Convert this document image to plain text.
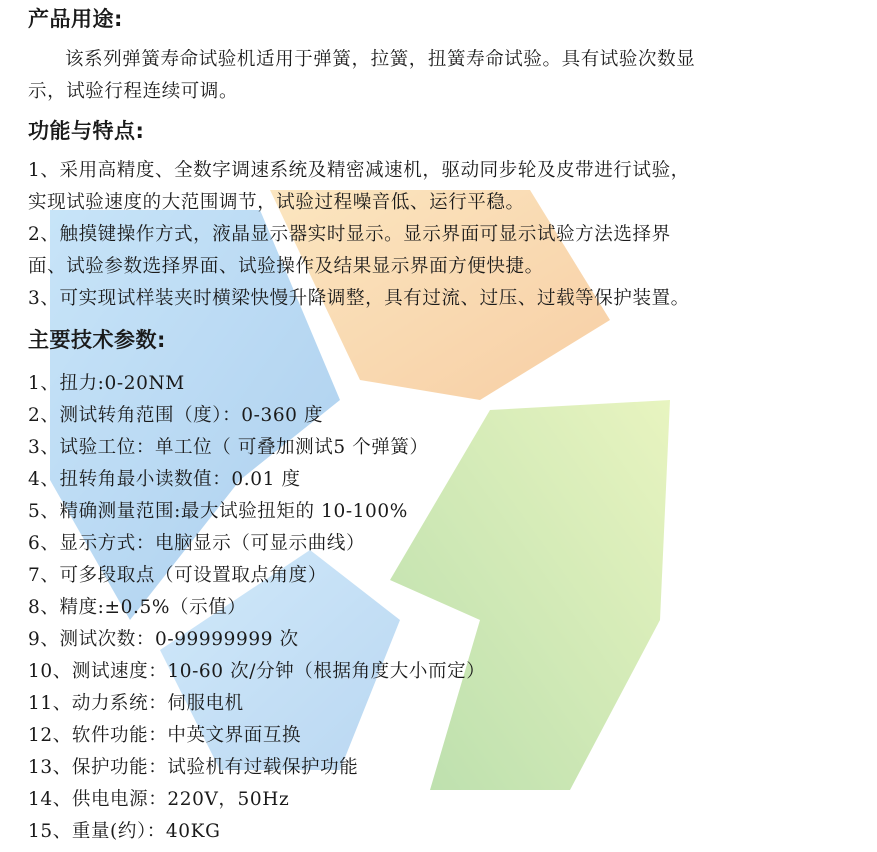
产品用途:

该系列弹簧寿命试验机适用于弹簧，拉簧，扭簧寿命试验。具有试验次数显

示，试验行程连续可调。

功能与特点:

1、采用高精度、全数字调速系统及精密减速机，驱动同步轮及皮带进行试验，

实现试验速度的大范围调节，试验过程噪音低、运行平稳。

2、触摸键操作方式，液晶显示器实时显示。显示界面可显示试验方法选择界

面、试验参数选择界面、试验操作及结果显示界面方便快捷。

3、可实现试样装夹时横梁快慢升降调整，具有过流、过压、过载等保护装置。

主要技术参数:
1、扭力:0-20NM
2、测试转角范围（度）：0-360 度
3、试验工位：单工位（ 可叠加测试5 个弹簧）
4、扭转角最小读数值：0.01 度
5、精确测量范围:最大试验扭矩的 10-100%
6、显示方式：电脑显示（可显示曲线）
7、可多段取点（可设置取点角度）
8、精度:±0.5%（示值）
9、测试次数：0-99999999 次
10、测试速度：10-60 次/分钟（根据角度大小而定）
11、动力系统：伺服电机
12、软件功能：中英文界面互换
13、保护功能：试验机有过载保护功能
14、供电电源：220V，50Hz
15、重量(约）：40KG
